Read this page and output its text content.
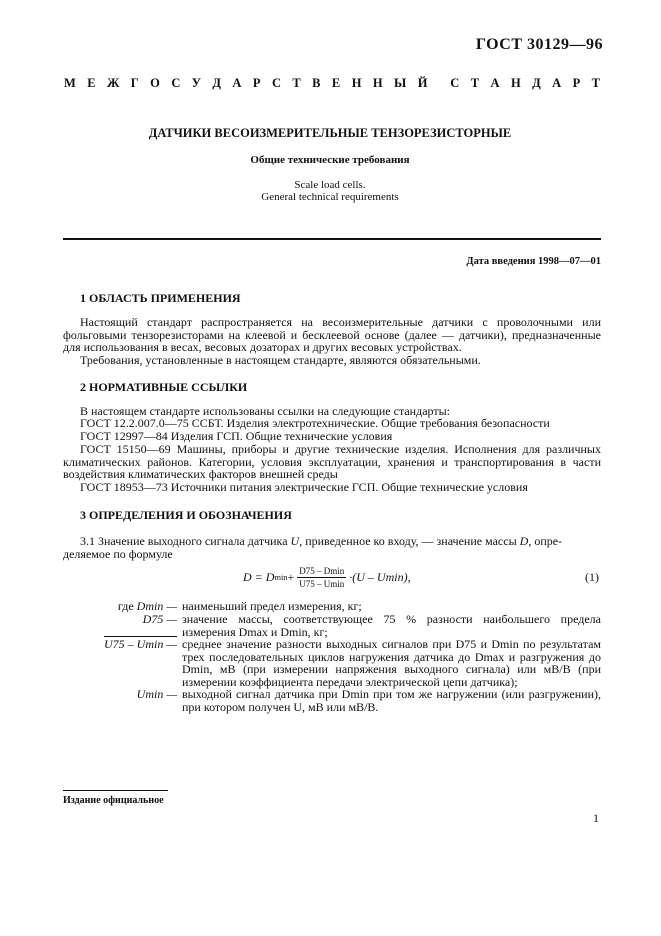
ГОСТ 30129—96
М Е Ж Г О С У Д А Р С Т В Е Н Н Ы Й С Т А Н Д А Р Т
ДАТЧИКИ ВЕСОИЗМЕРИТЕЛЬНЫЕ ТЕНЗОРЕЗИСТОРНЫЕ
Общие технические требования
Scale load cells.
General technical requirements
Дата введения 1998—07—01
1 ОБЛАСТЬ ПРИМЕНЕНИЯ
Настоящий стандарт распространяется на весоизмерительные датчики с проволочными или фольговыми тензорезисторами на клеевой и бесклеевой основе (далее — датчики), предназначенные для использования в весах, весовых дозаторах и других весовых устройствах.
Требования, установленные в настоящем стандарте, являются обязательными.
2 НОРМАТИВНЫЕ ССЫЛКИ
В настоящем стандарте использованы ссылки на следующие стандарты:
ГОСТ 12.2.007.0—75 ССБТ. Изделия электротехнические. Общие требования безопасности
ГОСТ 12997—84 Изделия ГСП. Общие технические условия
ГОСТ 15150—69 Машины, приборы и другие технические изделия. Исполнения для различных климатических районов. Категории, условия эксплуатации, хранения и транспортирования в части воздействия климатических факторов внешней среды
ГОСТ 18953—73 Источники питания электрические ГСП. Общие технические условия
3 ОПРЕДЕЛЕНИЯ И ОБОЗНАЧЕНИЯ
3.1 Значение выходного сигнала датчика U, приведенное ко входу, — значение массы D, опре-
деляемое по формуле
D = D $\min + \frac{D75 - Dmin}{U75 - Umin} \cdot(U - Umin)$,	(1)
где Dmin — наименьший предел измерения, кг;
D75 — значение массы, соответствующее 75 % разности наибольшего предела измерения Dmax и Dmin, кг;
U75 – Umin — среднее значение разности выходных сигналов при D75 и Dmin по результатам трех последовательных циклов нагружения датчика до Dmax и разгружения до Dmin, мВ (при измерении напряжения выходного сигнала) или мВ/В (при измерении коэффициента передачи электрической цепи датчика);
Umin — выходной сигнал датчика при Dmin при том же нагружении (или разгружении), при котором получен U, мВ или мВ/В.
Издание официальное
1
